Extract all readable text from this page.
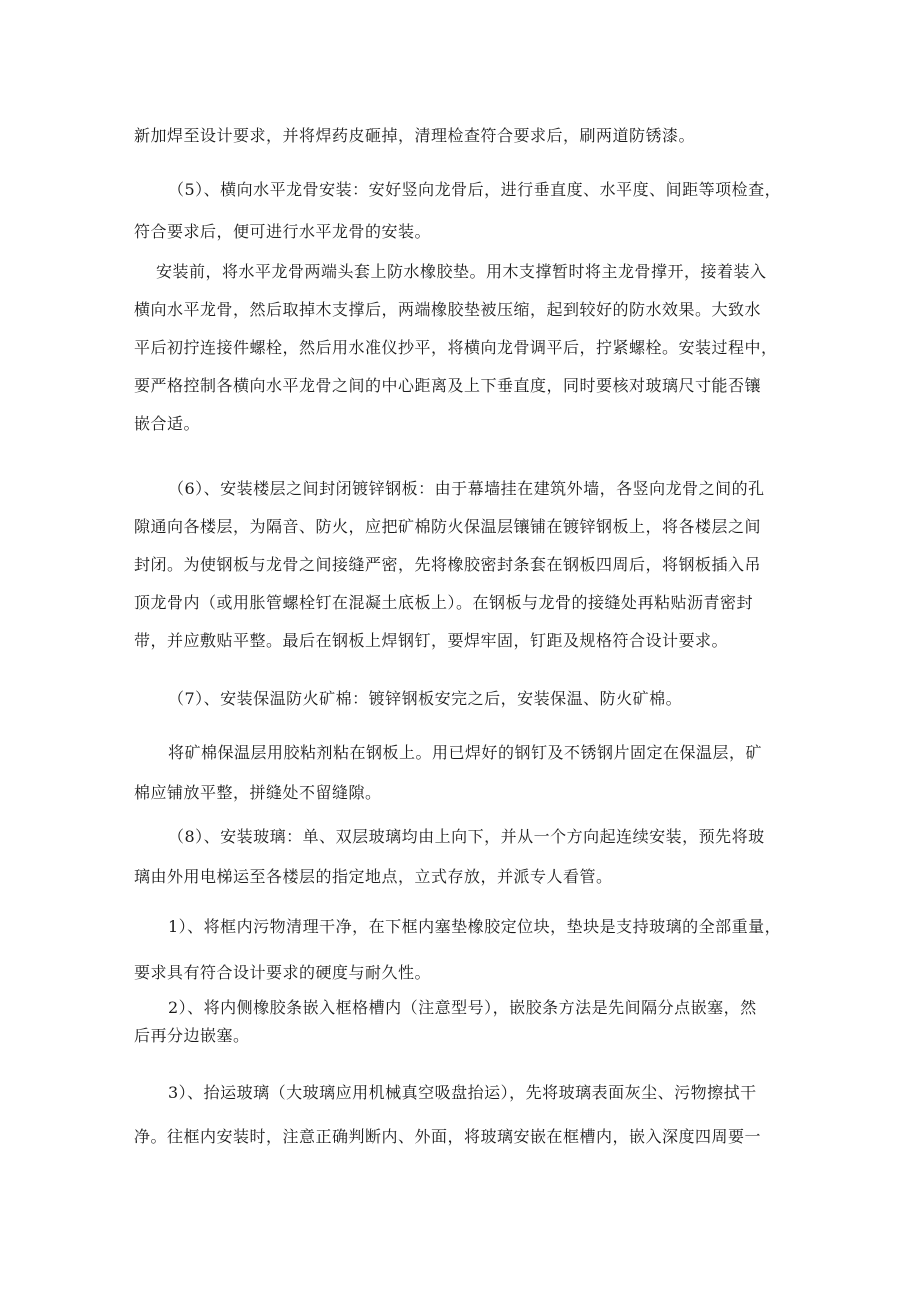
新加焊至设计要求，并将焊药皮砸掉，清理检查符合要求后，刷两道防锈漆。
（5）、横向水平龙骨安装：安好竖向龙骨后，进行垂直度、水平度、间距等项检查，
符合要求后，便可进行水平龙骨的安装。
安装前，将水平龙骨两端头套上防水橡胶垫。用木支撑暂时将主龙骨撑开，接着装入
横向水平龙骨，然后取掉木支撑后，两端橡胶垫被压缩，起到较好的防水效果。大致水
平后初拧连接件螺栓，然后用水准仪抄平，将横向龙骨调平后，拧紧螺栓。安装过程中，
要严格控制各横向水平龙骨之间的中心距离及上下垂直度，同时要核对玻璃尺寸能否镶
嵌合适。
（6）、安装楼层之间封闭镀锌钢板：由于幕墙挂在建筑外墙，各竖向龙骨之间的孔
隙通向各楼层，为隔音、防火，应把矿棉防火保温层镶铺在镀锌钢板上，将各楼层之间
封闭。为使钢板与龙骨之间接缝严密，先将橡胶密封条套在钢板四周后，将钢板插入吊
顶龙骨内（或用胀管螺栓钉在混凝土底板上）。在钢板与龙骨的接缝处再粘贴沥青密封
带，并应敷贴平整。最后在钢板上焊钢钉，要焊牢固，钉距及规格符合设计要求。
（7）、安装保温防火矿棉：镀锌钢板安完之后，安装保温、防火矿棉。
将矿棉保温层用胶粘剂粘在钢板上。用已焊好的钢钉及不锈钢片固定在保温层，矿
棉应铺放平整，拼缝处不留缝隙。
（8）、安装玻璃：单、双层玻璃均由上向下，并从一个方向起连续安装，预先将玻
璃由外用电梯运至各楼层的指定地点，立式存放，并派专人看管。
1）、将框内污物清理干净，在下框内塞垫橡胶定位块，垫块是支持玻璃的全部重量，
要求具有符合设计要求的硬度与耐久性。
2）、将内侧橡胶条嵌入框格槽内（注意型号），嵌胶条方法是先间隔分点嵌塞，然
后再分边嵌塞。
3）、抬运玻璃（大玻璃应用机械真空吸盘抬运），先将玻璃表面灰尘、污物擦拭干
净。往框内安装时，注意正确判断内、外面，将玻璃安嵌在框槽内，嵌入深度四周要一
